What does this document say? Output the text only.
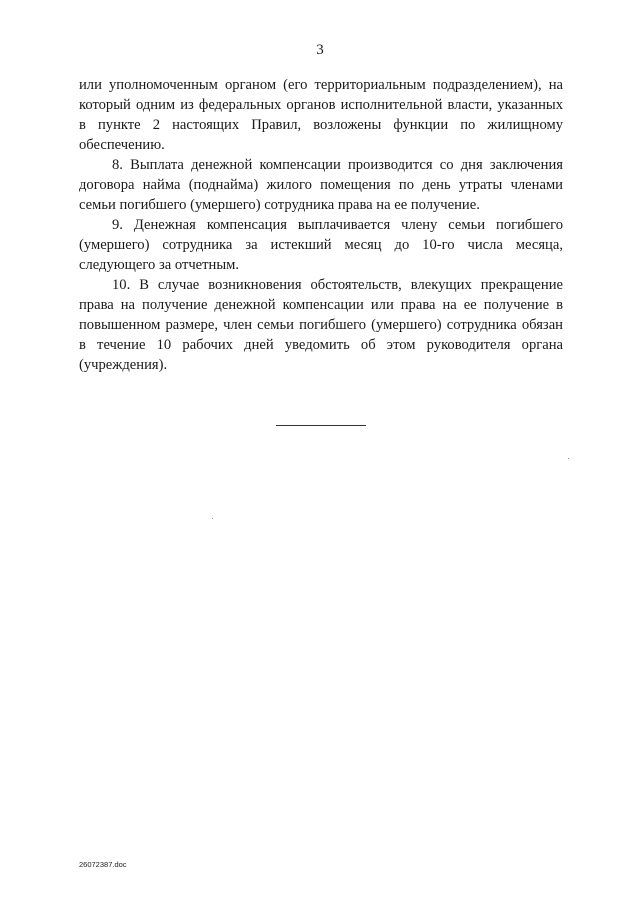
3

или уполномоченным органом (его территориальным подразделением), на который одним из федеральных органов исполнительной власти, указанных в пункте 2 настоящих Правил, возложены функции по жилищному обеспечению.

8. Выплата денежной компенсации производится со дня заключения договора найма (поднайма) жилого помещения по день утраты членами семьи погибшего (умершего) сотрудника права на ее получение.

9. Денежная компенсация выплачивается члену семьи погибшего (умершего) сотрудника за истекший месяц до 10-го числа месяца, следующего за отчетным.

10. В случае возникновения обстоятельств, влекущих прекращение права на получение денежной компенсации или права на ее получение в повышенном размере, член семьи погибшего (умершего) сотрудника обязан в течение 10 рабочих дней уведомить об этом руководителя органа (учреждения).

26072387.doc
